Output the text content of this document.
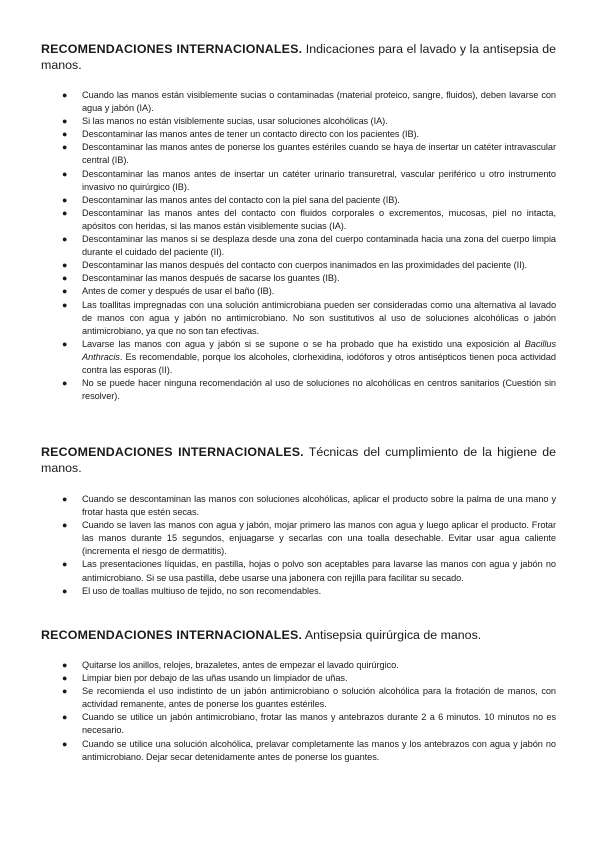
RECOMENDACIONES INTERNACIONALES. Indicaciones para el lavado y la antisepsia de manos.

● Cuando las manos están visiblemente sucias o contaminadas (material proteico, sangre, fluidos), deben lavarse con agua y jabón (IA).
● Si las manos no están visiblemente sucias, usar soluciones alcohólicas (IA).
● Descontaminar las manos antes de tener un contacto directo con los pacientes (IB).
● Descontaminar las manos antes de ponerse los guantes estériles cuando se haya de insertar un catéter intravascular central (IB).
● Descontaminar las manos antes de insertar un catéter urinario transuretral, vascular periférico u otro instrumento invasivo no quirúrgico (IB).
● Descontaminar las manos antes del contacto con la piel sana del paciente (IB).
● Descontaminar las manos antes del contacto con fluidos corporales o excrementos, mucosas, piel no intacta, apósitos con heridas, si las manos están visiblemente sucias (IA).
● Descontaminar las manos si se desplaza desde una zona del cuerpo contaminada hacia una zona del cuerpo limpia durante el cuidado del paciente (II).
● Descontaminar las manos después del contacto con cuerpos inanimados en las proximidades del paciente (II).
● Descontaminar las manos después de sacarse los guantes (IB).
● Antes de comer y después de usar el baño (IB).
● Las toallitas impregnadas con una solución antimicrobiana pueden ser consideradas como una alternativa al lavado de manos con agua y jabón no antimicrobiano. No son sustitutivos al uso de soluciones alcohólicas o jabón antimicrobiano, ya que no son tan efectivas.
● Lavarse las manos con agua y jabón si se supone o se ha probado que ha existido una exposición al Bacillus Anthracis. Es recomendable, porque los alcoholes, clorhexidina, iodóforos y otros antisépticos tienen poca actividad contra las esporas (II).
● No se puede hacer ninguna recomendación al uso de soluciones no alcohólicas en centros sanitarios (Cuestión sin resolver).

RECOMENDACIONES INTERNACIONALES. Técnicas del cumplimiento de la higiene de manos.

● Cuando se descontaminan las manos con soluciones alcohólicas, aplicar el producto sobre la palma de una mano y frotar hasta que estén secas.
● Cuando se laven las manos con agua y jabón, mojar primero las manos con agua y luego aplicar el producto. Frotar las manos durante 15 segundos, enjuagarse y secarlas con una toalla desechable. Evitar usar agua caliente (incrementa el riesgo de dermatitis).
● Las presentaciones líquidas, en pastilla, hojas o polvo son aceptables para lavarse las manos con agua y jabón no antimicrobiano. Si se usa pastilla, debe usarse una jabonera con rejilla para facilitar su secado.
● El uso de toallas multiuso de tejido, no son recomendables.

RECOMENDACIONES INTERNACIONALES. Antisepsia quirúrgica de manos.

● Quitarse los anillos, relojes, brazaletes, antes de empezar el lavado quirúrgico.
● Limpiar bien por debajo de las uñas usando un limpiador de uñas.
● Se recomienda el uso indistinto de un jabón antimicrobiano o solución alcohólica para la frotación de manos, con actividad remanente, antes de ponerse los guantes estériles.
● Cuando se utilice un jabón antimicrobiano, frotar las manos y antebrazos durante 2 a 6 minutos. 10 minutos no es necesario.
● Cuando se utilice una solución alcohólica, prelavar completamente las manos y los antebrazos con agua y jabón no antimicrobiano. Dejar secar detenidamente antes de ponerse los guantes.
